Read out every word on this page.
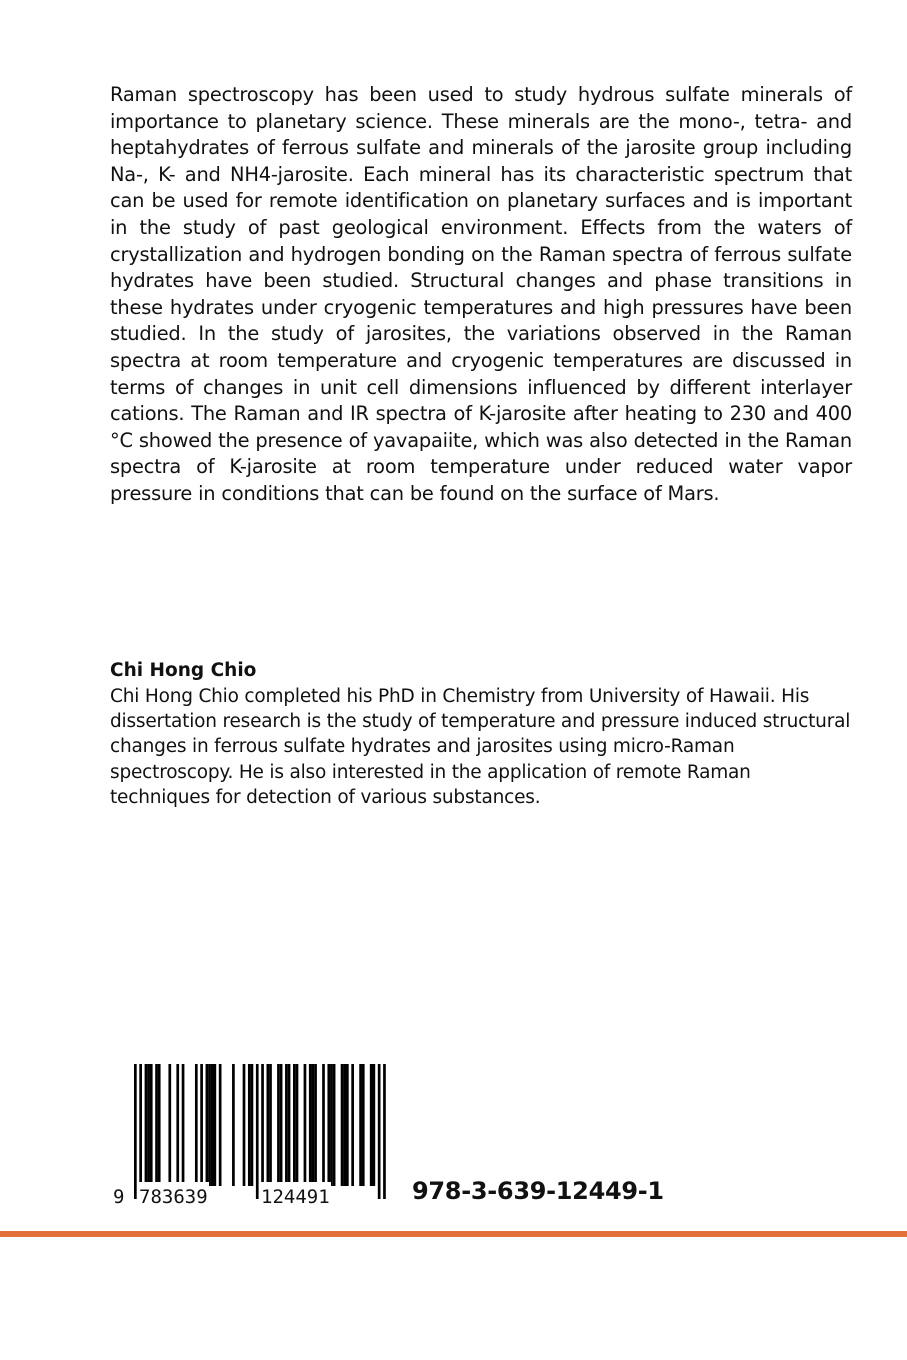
Raman spectroscopy has been used to study hydrous sulfate minerals of importance to planetary science. These minerals are the mono-, tetra- and heptahydrates of ferrous sulfate and minerals of the jarosite group including Na-, K- and NH4-jarosite. Each mineral has its characteristic spectrum that can be used for remote identification on planetary surfaces and is important in the study of past geological environment. Effects from the waters of crystallization and hydrogen bonding on the Raman spectra of ferrous sulfate hydrates have been studied. Structural changes and phase transitions in these hydrates under cryogenic temperatures and high pressures have been studied. In the study of jarosites, the variations observed in the Raman spectra at room temperature and cryogenic temperatures are discussed in terms of changes in unit cell dimensions influenced by different interlayer cations. The Raman and IR spectra of K-jarosite after heating to 230 and 400 °C showed the presence of yavapaiite, which was also detected in the Raman spectra of K-jarosite at room temperature under reduced water vapor pressure in conditions that can be found on the surface of Mars.

Chi Hong Chio

Chi Hong Chio completed his PhD in Chemistry from University of Hawaii. His dissertation research is the study of temperature and pressure induced structural changes in ferrous sulfate hydrates and jarosites using micro-Raman spectroscopy. He is also interested in the application of remote Raman techniques for detection of various substances.

9 783639	124491	978-3-639-12449-1
